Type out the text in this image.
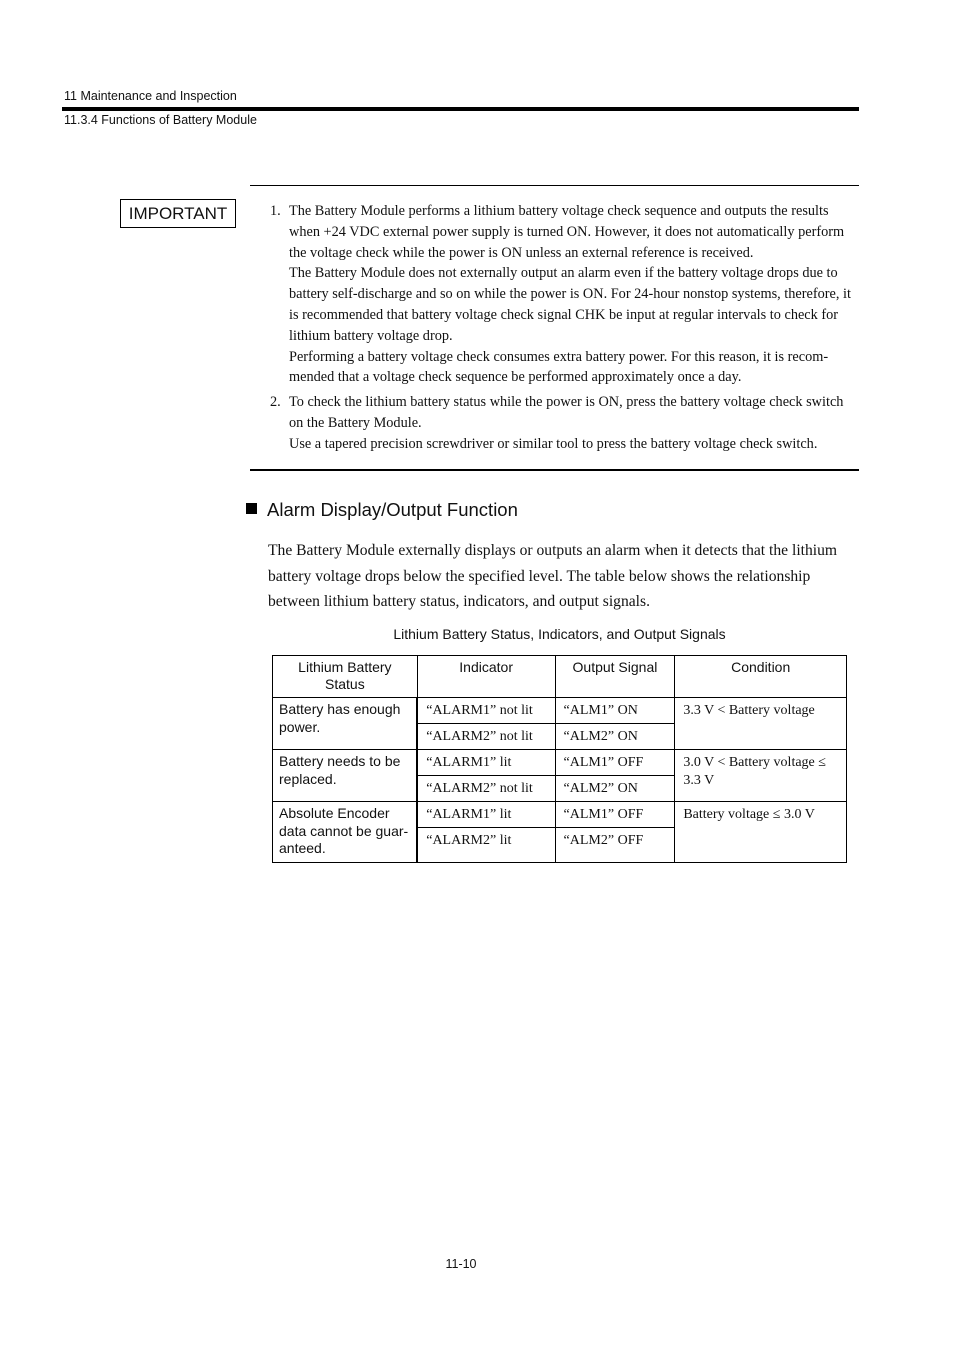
11 Maintenance and Inspection
11.3.4 Functions of Battery Module
IMPORTANT	1. The Battery Module performs a lithium battery voltage check sequence and outputs the results when +24 VDC external power supply is turned ON. However, it does not automatically perform the voltage check while the power is ON unless an external reference is received.

The Battery Module does not externally output an alarm even if the battery voltage drops due to battery self-discharge and so on while the power is ON. For 24-hour nonstop systems, therefore, it is recommended that battery voltage check signal CHK be input at regular intervals to check for lithium battery voltage drop.

Performing a battery voltage check consumes extra battery power. For this reason, it is recom-mended that a voltage check sequence be performed approximately once a day.

2. To check the lithium battery status while the power is ON, press the battery voltage check switch on the Battery Module.

Use a tapered precision screwdriver or similar tool to press the battery voltage check switch.

Alarm Display/Output Function

The Battery Module externally displays or outputs an alarm when it detects that the lithium battery voltage drops below the specified level. The table below shows the relationship between lithium battery status, indicators, and output signals.

Lithium Battery Status, Indicators, and Output Signals
Lithium Battery Status	Indicator	Output Signal	Condition
Battery has enough power.	“ALARM1” not lit	“ALM1” ON	3.3 V < Battery voltage
	“ALARM2” not lit	“ALM2” ON	
Battery needs to be replaced.	“ALARM1” lit	“ALM1” OFF	3.0 V < Battery voltage ≤ 3.3 V
	“ALARM2” not lit	“ALM2” ON	
Absolute Encoder data cannot be guar-anteed.	“ALARM1” lit	“ALM1” OFF	Battery voltage ≤ 3.0 V
	“ALARM2” lit	“ALM2” OFF	
11-10
